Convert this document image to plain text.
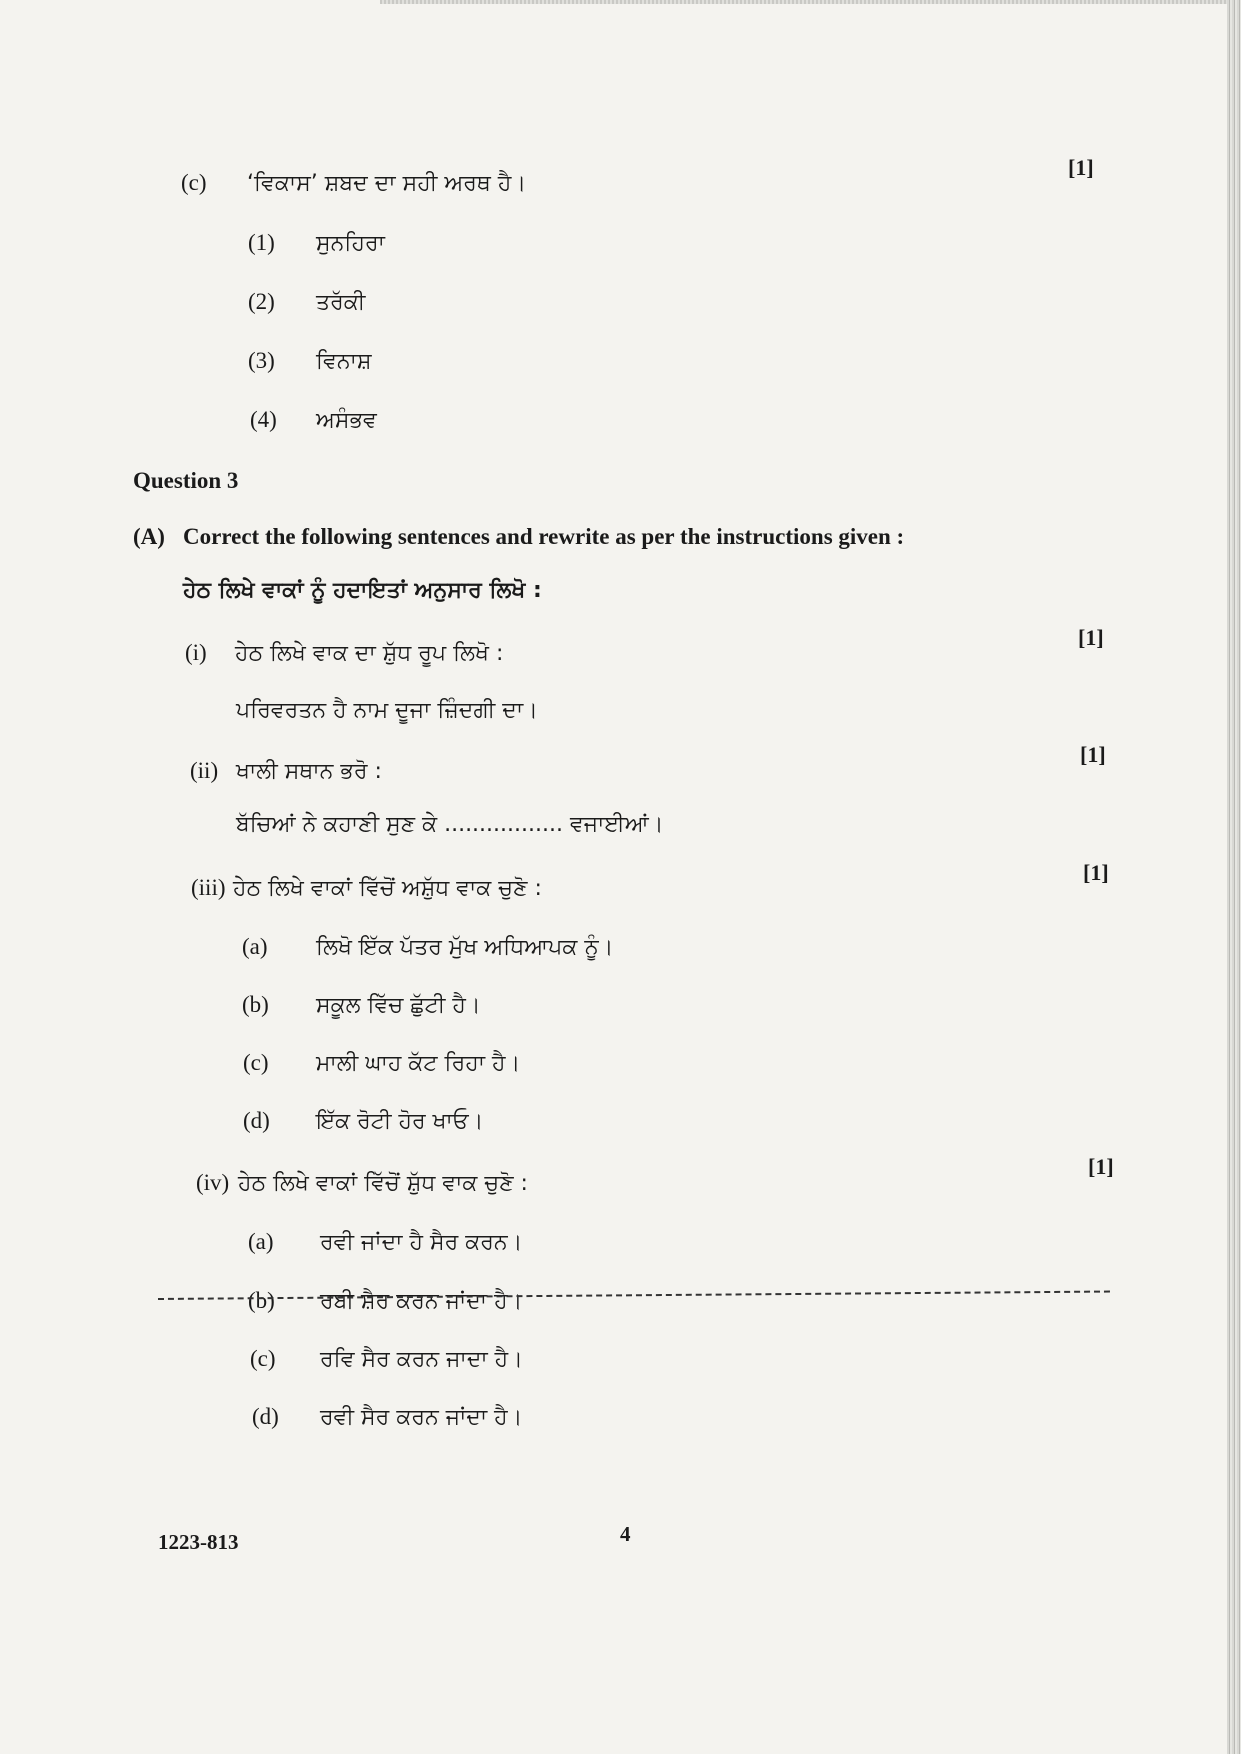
(c)	‘ਵਿਕਾਸ’ ਸ਼ਬਦ ਦਾ ਸਹੀ ਅਰਥ ਹੈ।
[1]
(1)	ਸੁਨਹਿਰਾ
(2)	ਤਰੱਕੀ
(3)	ਵਿਨਾਸ਼
(4)	ਅਸੰਭਵ
Question 3
(A) Correct the following sentences and rewrite as per the instructions given :
ਹੇਠ ਲਿਖੇ ਵਾਕਾਂ ਨੂੰ ਹਦਾਇਤਾਂ ਅਨੁਸਾਰ ਲਿਖੋ :
(i)	ਹੇਠ ਲਿਖੇ ਵਾਕ ਦਾ ਸ਼ੁੱਧ ਰੂਪ ਲਿਖੋ :
[1]
ਪਰਿਵਰਤਨ ਹੈ ਨਾਮ ਦੂਜਾ ਜ਼ਿੰਦਗੀ ਦਾ।
(ii) ਖਾਲੀ ਸਥਾਨ ਭਰੋ :
[1]
ਬੱਚਿਆਂ ਨੇ ਕਹਾਣੀ ਸੁਣ ਕੇ ................. ਵਜਾਈਆਂ।
(iii) ਹੇਠ ਲਿਖੇ ਵਾਕਾਂ ਵਿੱਚੋਂ ਅਸ਼ੁੱਧ ਵਾਕ ਚੁਣੋ :
[1]
(a)	ਲਿਖੋ ਇੱਕ ਪੱਤਰ ਮੁੱਖ ਅਧਿਆਪਕ ਨੂੰ।
(b)	ਸਕੂਲ ਵਿੱਚ ਛੁੱਟੀ ਹੈ।
(c)	ਮਾਲੀ ਘਾਹ ਕੱਟ ਰਿਹਾ ਹੈ।
(d)	ਇੱਕ ਰੋਟੀ ਹੋਰ ਖਾਓ।
(iv) ਹੇਠ ਲਿਖੇ ਵਾਕਾਂ ਵਿੱਚੋਂ ਸ਼ੁੱਧ ਵਾਕ ਚੁਣੋ :
[1]
(a)	ਰਵੀ ਜਾਂਦਾ ਹੈ ਸੈਰ ਕਰਨ।
(b)	ਰਬੀ ਸ਼ੈਰ ਕਰਨ ਜਾਂਦਾ ਹੈ।
(c)	ਰਵਿ ਸੈਰ ਕਰਨ ਜਾਦਾ ਹੈ।
(d)	ਰਵੀ ਸੈਰ ਕਰਨ ਜਾਂਦਾ ਹੈ।
1223-813	4
